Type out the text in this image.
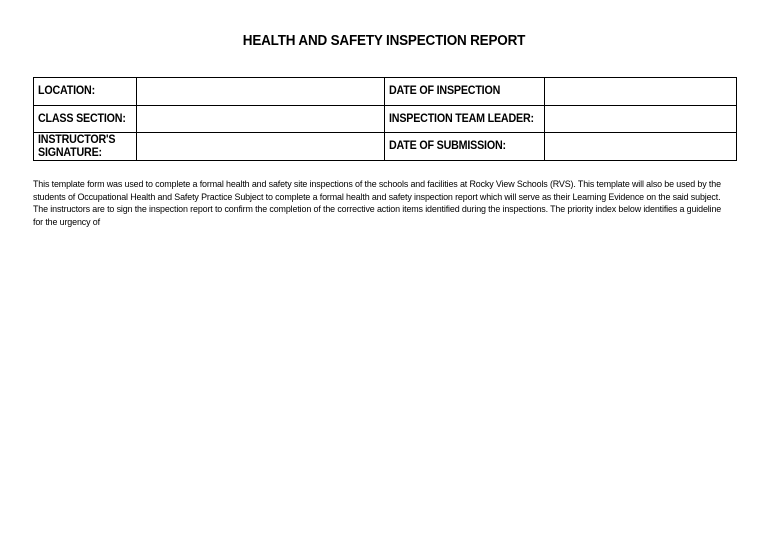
HEALTH AND SAFETY INSPECTION REPORT
LOCATION:		DATE OF INSPECTION	
CLASS SECTION:		INSPECTION TEAM LEADER:	

INSTRUCTOR'S SIGNATURE:		DATE OF SUBMISSION:	
This template form was used to complete a formal health and safety site inspections of the schools and facilities at Rocky View Schools (RVS). This template will also be used by the students of Occupational Health and Safety Practice Subject to complete a formal health and safety inspection report which will serve as their Learning Evidence on the said subject. The instructors are to sign the inspection report to confirm the completion of the corrective action items identified during the inspections. The priority index below identifies a guideline for the urgency of
